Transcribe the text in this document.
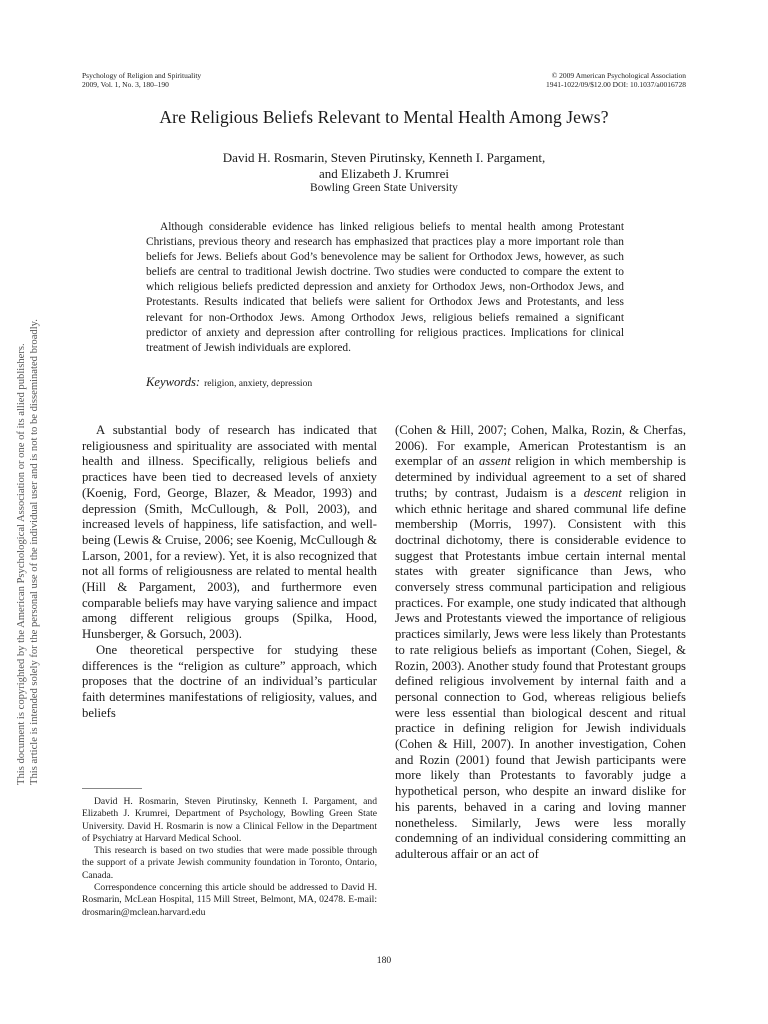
Psychology of Religion and Spirituality
2009, Vol. 1, No. 3, 180–190
© 2009 American Psychological Association
1941-1022/09/$12.00 DOI: 10.1037/a0016728
Are Religious Beliefs Relevant to Mental Health Among Jews?
David H. Rosmarin, Steven Pirutinsky, Kenneth I. Pargament,
and Elizabeth J. Krumrei
Bowling Green State University

Although considerable evidence has linked religious beliefs to mental health among Protestant Christians, previous theory and research has emphasized that practices play a more important role than beliefs for Jews. Beliefs about God’s benevolence may be salient for Orthodox Jews, however, as such beliefs are central to traditional Jewish doctrine. Two studies were conducted to compare the extent to which religious beliefs predicted depression and anxiety for Orthodox Jews, non-Orthodox Jews, and Protestants. Results indicated that beliefs were salient for Orthodox Jews and Protestants, and less relevant for non-Orthodox Jews. Among Orthodox Jews, religious beliefs remained a significant predictor of anxiety and depression after controlling for religious practices. Implications for clinical treatment of Jewish individuals are explored.

Keywords: religion, anxiety, depression

A substantial body of research has indicated that religiousness and spirituality are associated with mental health and illness. Specifically, religious beliefs and practices have been tied to decreased levels of anxiety (Koenig, Ford, George, Blazer, & Meador, 1993) and depression (Smith, McCullough, & Poll, 2003), and increased levels of happiness, life satisfaction, and well-being (Lewis & Cruise, 2006; see Koenig, McCullough & Larson, 2001, for a review). Yet, it is also recognized that not all forms of religiousness are related to mental health (Hill & Pargament, 2003), and furthermore even comparable beliefs may have varying salience and impact among different religious groups (Spilka, Hood, Hunsberger, & Gorsuch, 2003).

One theoretical perspective for studying these differences is the “religion as culture” approach, which proposes that the doctrine of an individual’s particular faith determines manifestations of religiosity, values, and beliefs

(Cohen & Hill, 2007; Cohen, Malka, Rozin, & Cherfas, 2006). For example, American Protestantism is an exemplar of an assent religion in which membership is determined by individual agreement to a set of shared truths; by contrast, Judaism is a descent religion in which ethnic heritage and shared communal life define membership (Morris, 1997). Consistent with this doctrinal dichotomy, there is considerable evidence to suggest that Protestants imbue certain internal mental states with greater significance than Jews, who conversely stress communal participation and religious practices. For example, one study indicated that although Jews and Protestants viewed the importance of religious practices similarly, Jews were less likely than Protestants to rate religious beliefs as important (Cohen, Siegel, & Rozin, 2003). Another study found that Protestant groups defined religious involvement by internal faith and a personal connection to God, whereas religious beliefs were less essential than biological descent and ritual practice in defining religion for Jewish individuals (Cohen & Hill, 2007). In another investigation, Cohen and Rozin (2001) found that Jewish participants were more likely than Protestants to favorably judge a hypothetical person, who despite an inward dislike for his parents, behaved in a caring and loving manner nonetheless. Similarly, Jews were less morally condemning of an individual considering committing an adulterous affair or an act of

David H. Rosmarin, Steven Pirutinsky, Kenneth I. Pargament, and Elizabeth J. Krumrei, Department of Psychology, Bowling Green State University. David H. Rosmarin is now a Clinical Fellow in the Department of Psychiatry at Harvard Medical School.

This research is based on two studies that were made possible through the support of a private Jewish community foundation in Toronto, Ontario, Canada.

Correspondence concerning this article should be addressed to David H. Rosmarin, McLean Hospital, 115 Mill Street, Belmont, MA, 02478. E-mail: drosmarin@mclean.harvard.edu

180
This document is copyrighted by the American Psychological Association or one of its allied publishers. This article is intended solely for the personal use of the individual user and is not to be disseminated broadly.
